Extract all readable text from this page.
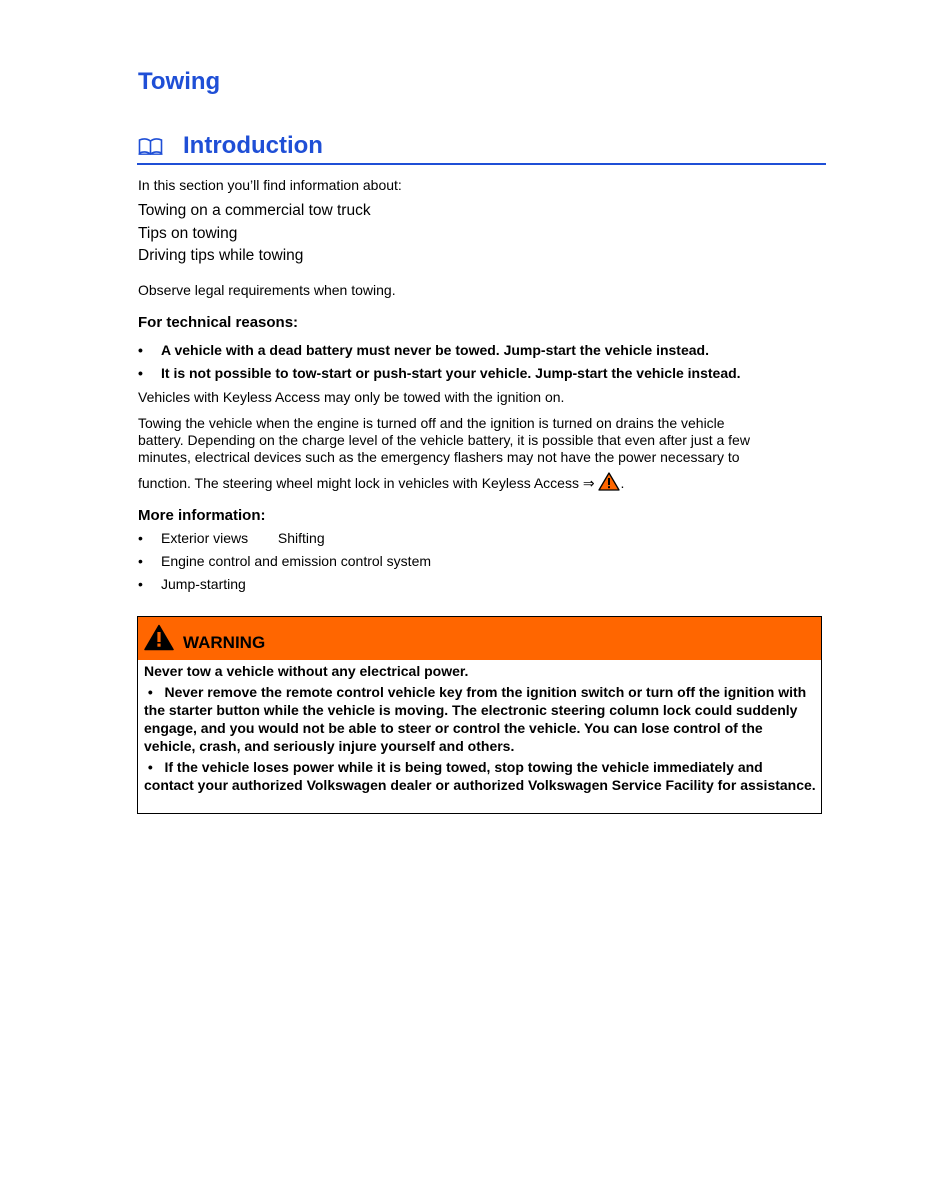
Towing
Introduction
In this section you’ll find information about:
Towing on a commercial tow truck
Tips on towing
Driving tips while towing
Observe legal requirements when towing.
For technical reasons:
• A vehicle with a dead battery must never be towed. Jump-start the vehicle instead.
• It is not possible to tow-start or push-start your vehicle. Jump-start the vehicle instead.
Vehicles with Keyless Access may only be towed with the ignition on.
Towing the vehicle when the engine is turned off and the ignition is turned on drains the vehicle
battery. Depending on the charge level of the vehicle battery, it is possible that even after just a few
minutes, electrical devices such as the emergency flashers may not have the power necessary to
function. The steering wheel might lock in vehicles with Keyless Access ⇒ .
More information:
• Exterior views Shifting
• Engine control and emission control system
• Jump-starting
WARNING

Never tow a vehicle without any electrical power.

•   Never remove the remote control vehicle key from the ignition switch or turn off the ignition with the starter button while the vehicle is moving. The electronic steering column lock could suddenly engage, and you would not be able to steer or control the vehicle. You can lose control of the vehicle, crash, and seriously injure yourself and others.

•   If the vehicle loses power while it is being towed, stop towing the vehicle immediately and contact your authorized Volkswagen dealer or authorized Volkswagen Service Facility for assistance.
